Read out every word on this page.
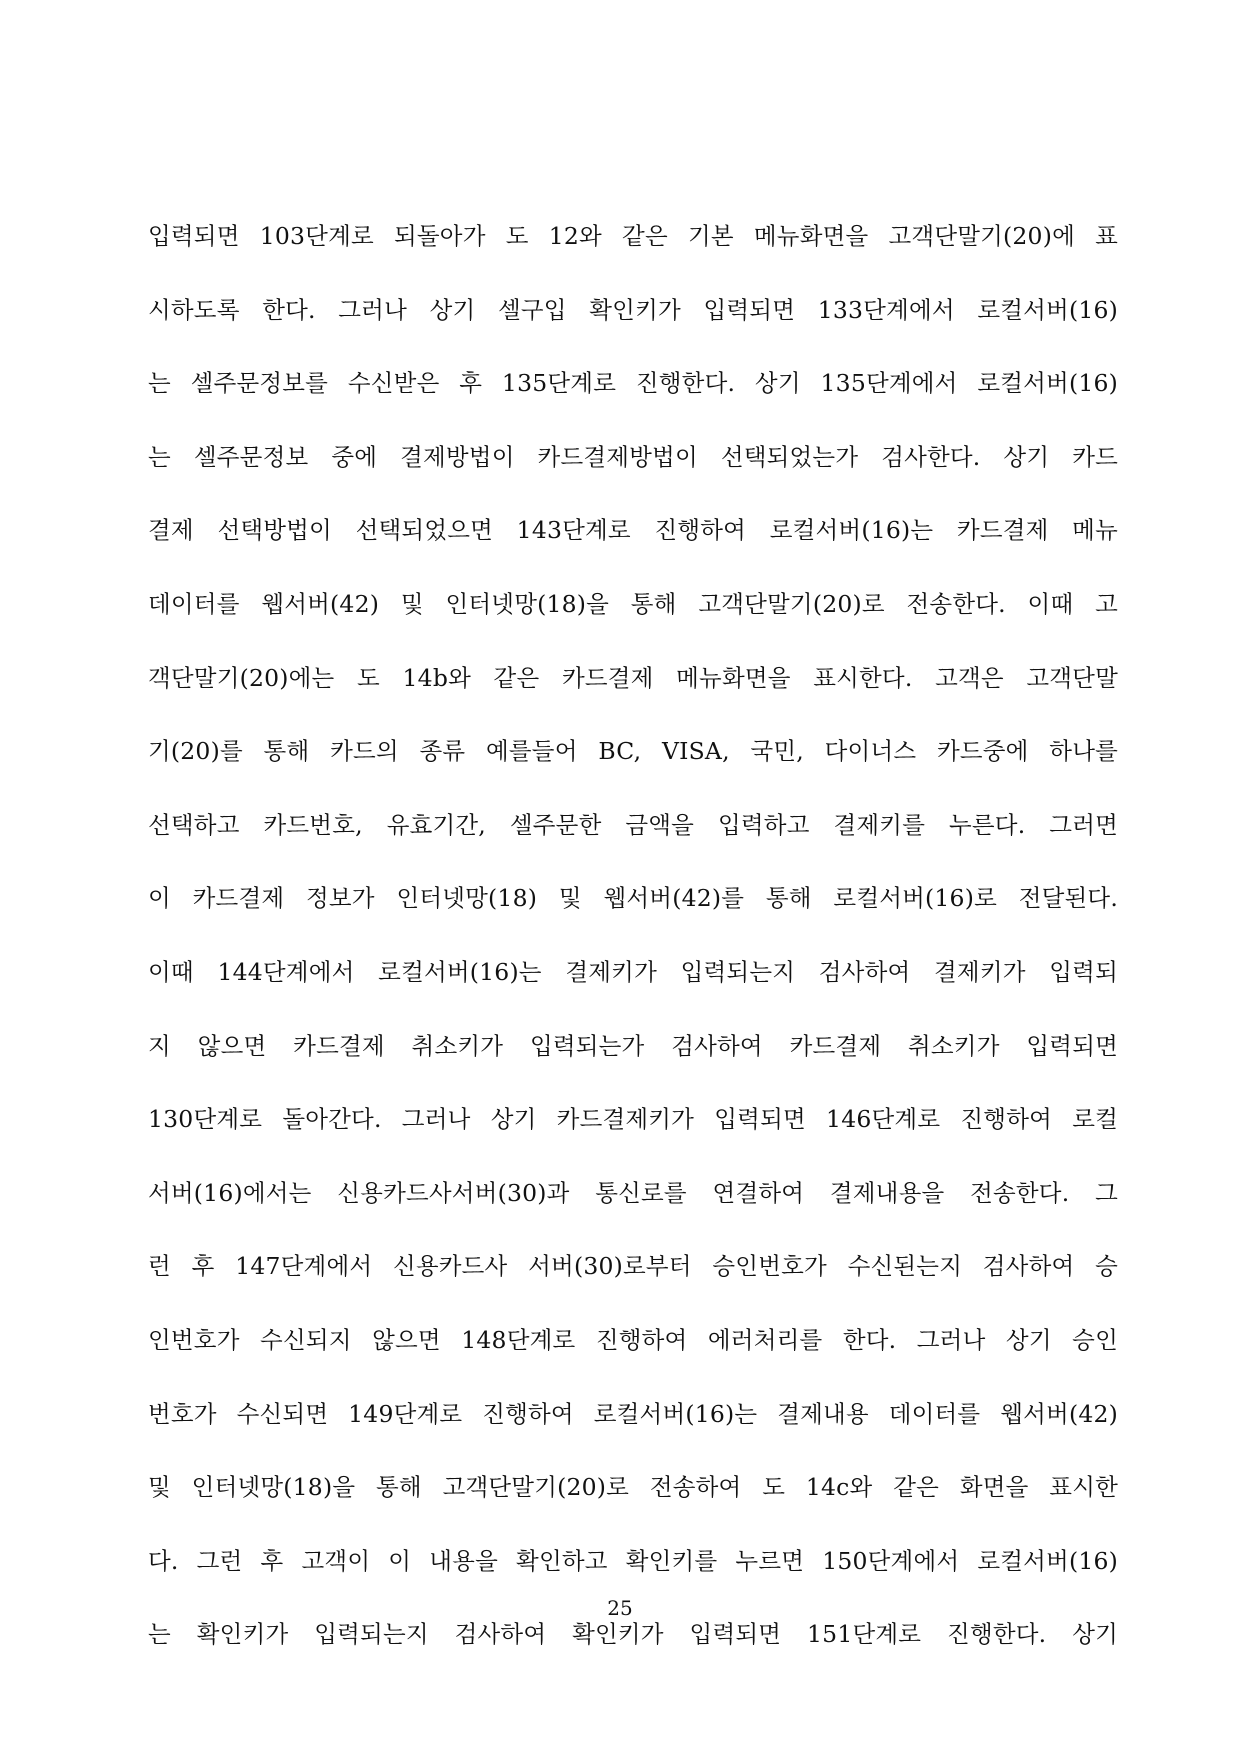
입력되면 103단계로 되돌아가 도 12와 같은 기본 메뉴화면을 고객단말기(20)에 표
시하도록 한다. 그러나 상기 셀구입 확인키가 입력되면 133단계에서 로컬서버(16)
는 셀주문정보를 수신받은 후 135단계로 진행한다. 상기 135단계에서 로컬서버(16)
는 셀주문정보 중에 결제방법이 카드결제방법이 선택되었는가 검사한다. 상기 카드
결제 선택방법이 선택되었으면 143단계로 진행하여 로컬서버(16)는 카드결제 메뉴
데이터를 웹서버(42) 및 인터넷망(18)을 통해 고객단말기(20)로 전송한다. 이때 고
객단말기(20)에는 도 14b와 같은 카드결제 메뉴화면을 표시한다. 고객은 고객단말
기(20)를 통해 카드의 종류 예를들어 BC, VISA, 국민, 다이너스 카드중에 하나를
선택하고 카드번호, 유효기간, 셀주문한 금액을 입력하고 결제키를 누른다. 그러면
이 카드결제 정보가 인터넷망(18) 및 웹서버(42)를 통해 로컬서버(16)로 전달된다.
이때 144단계에서 로컬서버(16)는 결제키가 입력되는지 검사하여 결제키가 입력되
지 않으면 카드결제 취소키가 입력되는가 검사하여 카드결제 취소키가 입력되면
130단계로 돌아간다. 그러나 상기 카드결제키가 입력되면 146단계로 진행하여 로컬
서버(16)에서는 신용카드사서버(30)과 통신로를 연결하여 결제내용을 전송한다. 그
런 후 147단계에서 신용카드사 서버(30)로부터 승인번호가 수신된는지 검사하여 승
인번호가 수신되지 않으면 148단계로 진행하여 에러처리를 한다. 그러나 상기 승인
번호가 수신되면 149단계로 진행하여 로컬서버(16)는 결제내용 데이터를 웹서버(42)
및 인터넷망(18)을 통해 고객단말기(20)로 전송하여 도 14c와 같은 화면을 표시한
다. 그런 후 고객이 이 내용을 확인하고 확인키를 누르면 150단계에서 로컬서버(16)
는 확인키가 입력되는지 검사하여 확인키가 입력되면 151단계로 진행한다. 상기
25
